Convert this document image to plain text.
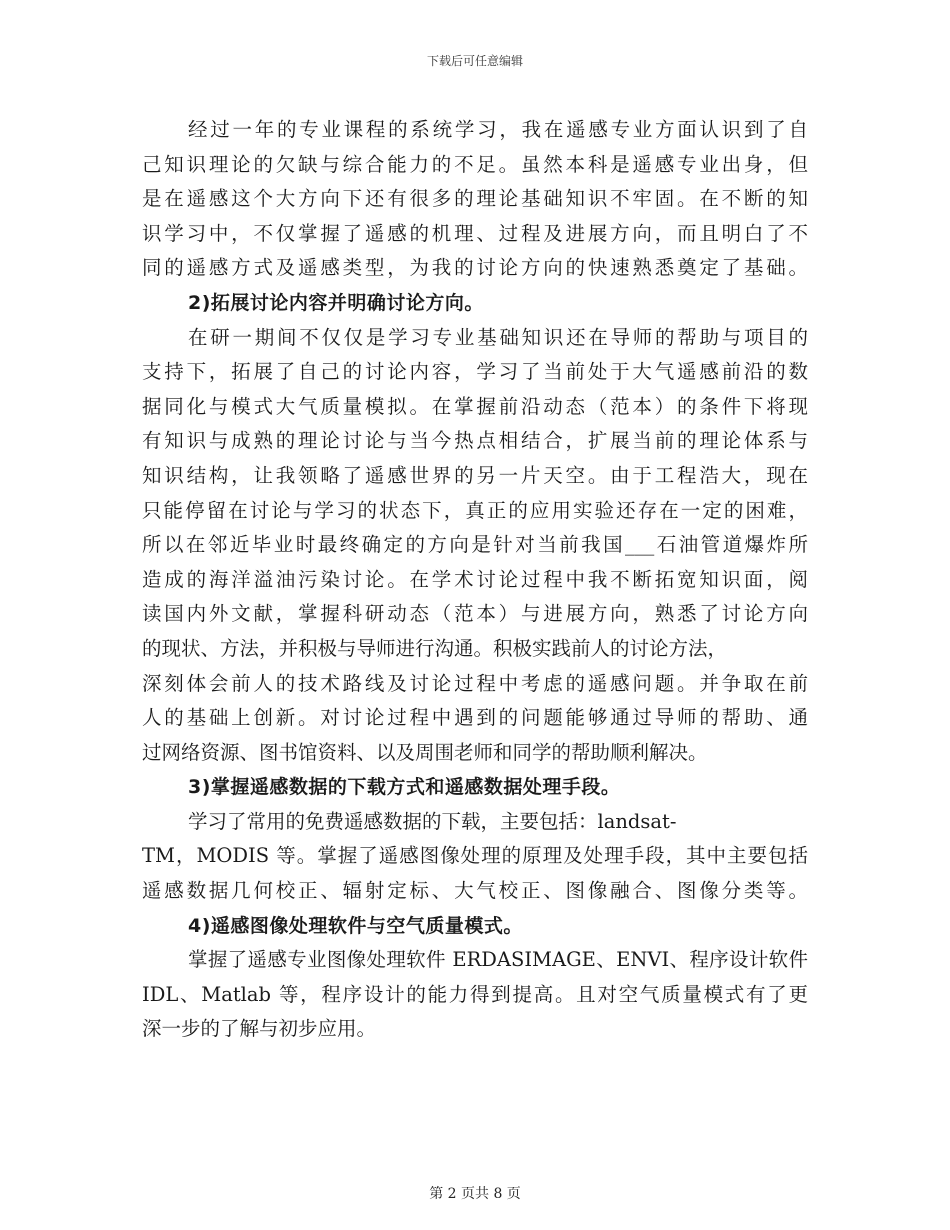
下载后可任意编辑
经过一年的专业课程的系统学习，我在遥感专业方面认识到了自
己知识理论的欠缺与综合能力的不足。虽然本科是遥感专业出身，但
是在遥感这个大方向下还有很多的理论基础知识不牢固。在不断的知
识学习中，不仅掌握了遥感的机理、过程及进展方向，而且明白了不
同的遥感方式及遥感类型，为我的讨论方向的快速熟悉奠定了基础。
2)拓展讨论内容并明确讨论方向。
在研一期间不仅仅是学习专业基础知识还在导师的帮助与项目的
支持下，拓展了自己的讨论内容，学习了当前处于大气遥感前沿的数
据同化与模式大气质量模拟。在掌握前沿动态（范本）的条件下将现
有知识与成熟的理论讨论与当今热点相结合，扩展当前的理论体系与
知识结构，让我领略了遥感世界的另一片天空。由于工程浩大，现在
只能停留在讨论与学习的状态下，真正的应用实验还存在一定的困难，
所以在邻近毕业时最终确定的方向是针对当前我国___石油管道爆炸所
造成的海洋溢油污染讨论。在学术讨论过程中我不断拓宽知识面，阅
读国内外文献，掌握科研动态（范本）与进展方向，熟悉了讨论方向
的现状、方法，并积极与导师进行沟通。积极实践前人的讨论方法，
深刻体会前人的技术路线及讨论过程中考虑的遥感问题。并争取在前
人的基础上创新。对讨论过程中遇到的问题能够通过导师的帮助、通
过网络资源、图书馆资料、以及周围老师和同学的帮助顺利解决。
3)掌握遥感数据的下载方式和遥感数据处理手段。
学习了常用的免费遥感数据的下载，主要包括：landsat-
TM，MODIS 等。掌握了遥感图像处理的原理及处理手段，其中主要包括
遥感数据几何校正、辐射定标、大气校正、图像融合、图像分类等。
4)遥感图像处理软件与空气质量模式。
掌握了遥感专业图像处理软件 ERDASIMAGE、ENVI、程序设计软件
IDL、Matlab 等，程序设计的能力得到提高。且对空气质量模式有了更
深一步的了解与初步应用。
第 2 页共 8 页
